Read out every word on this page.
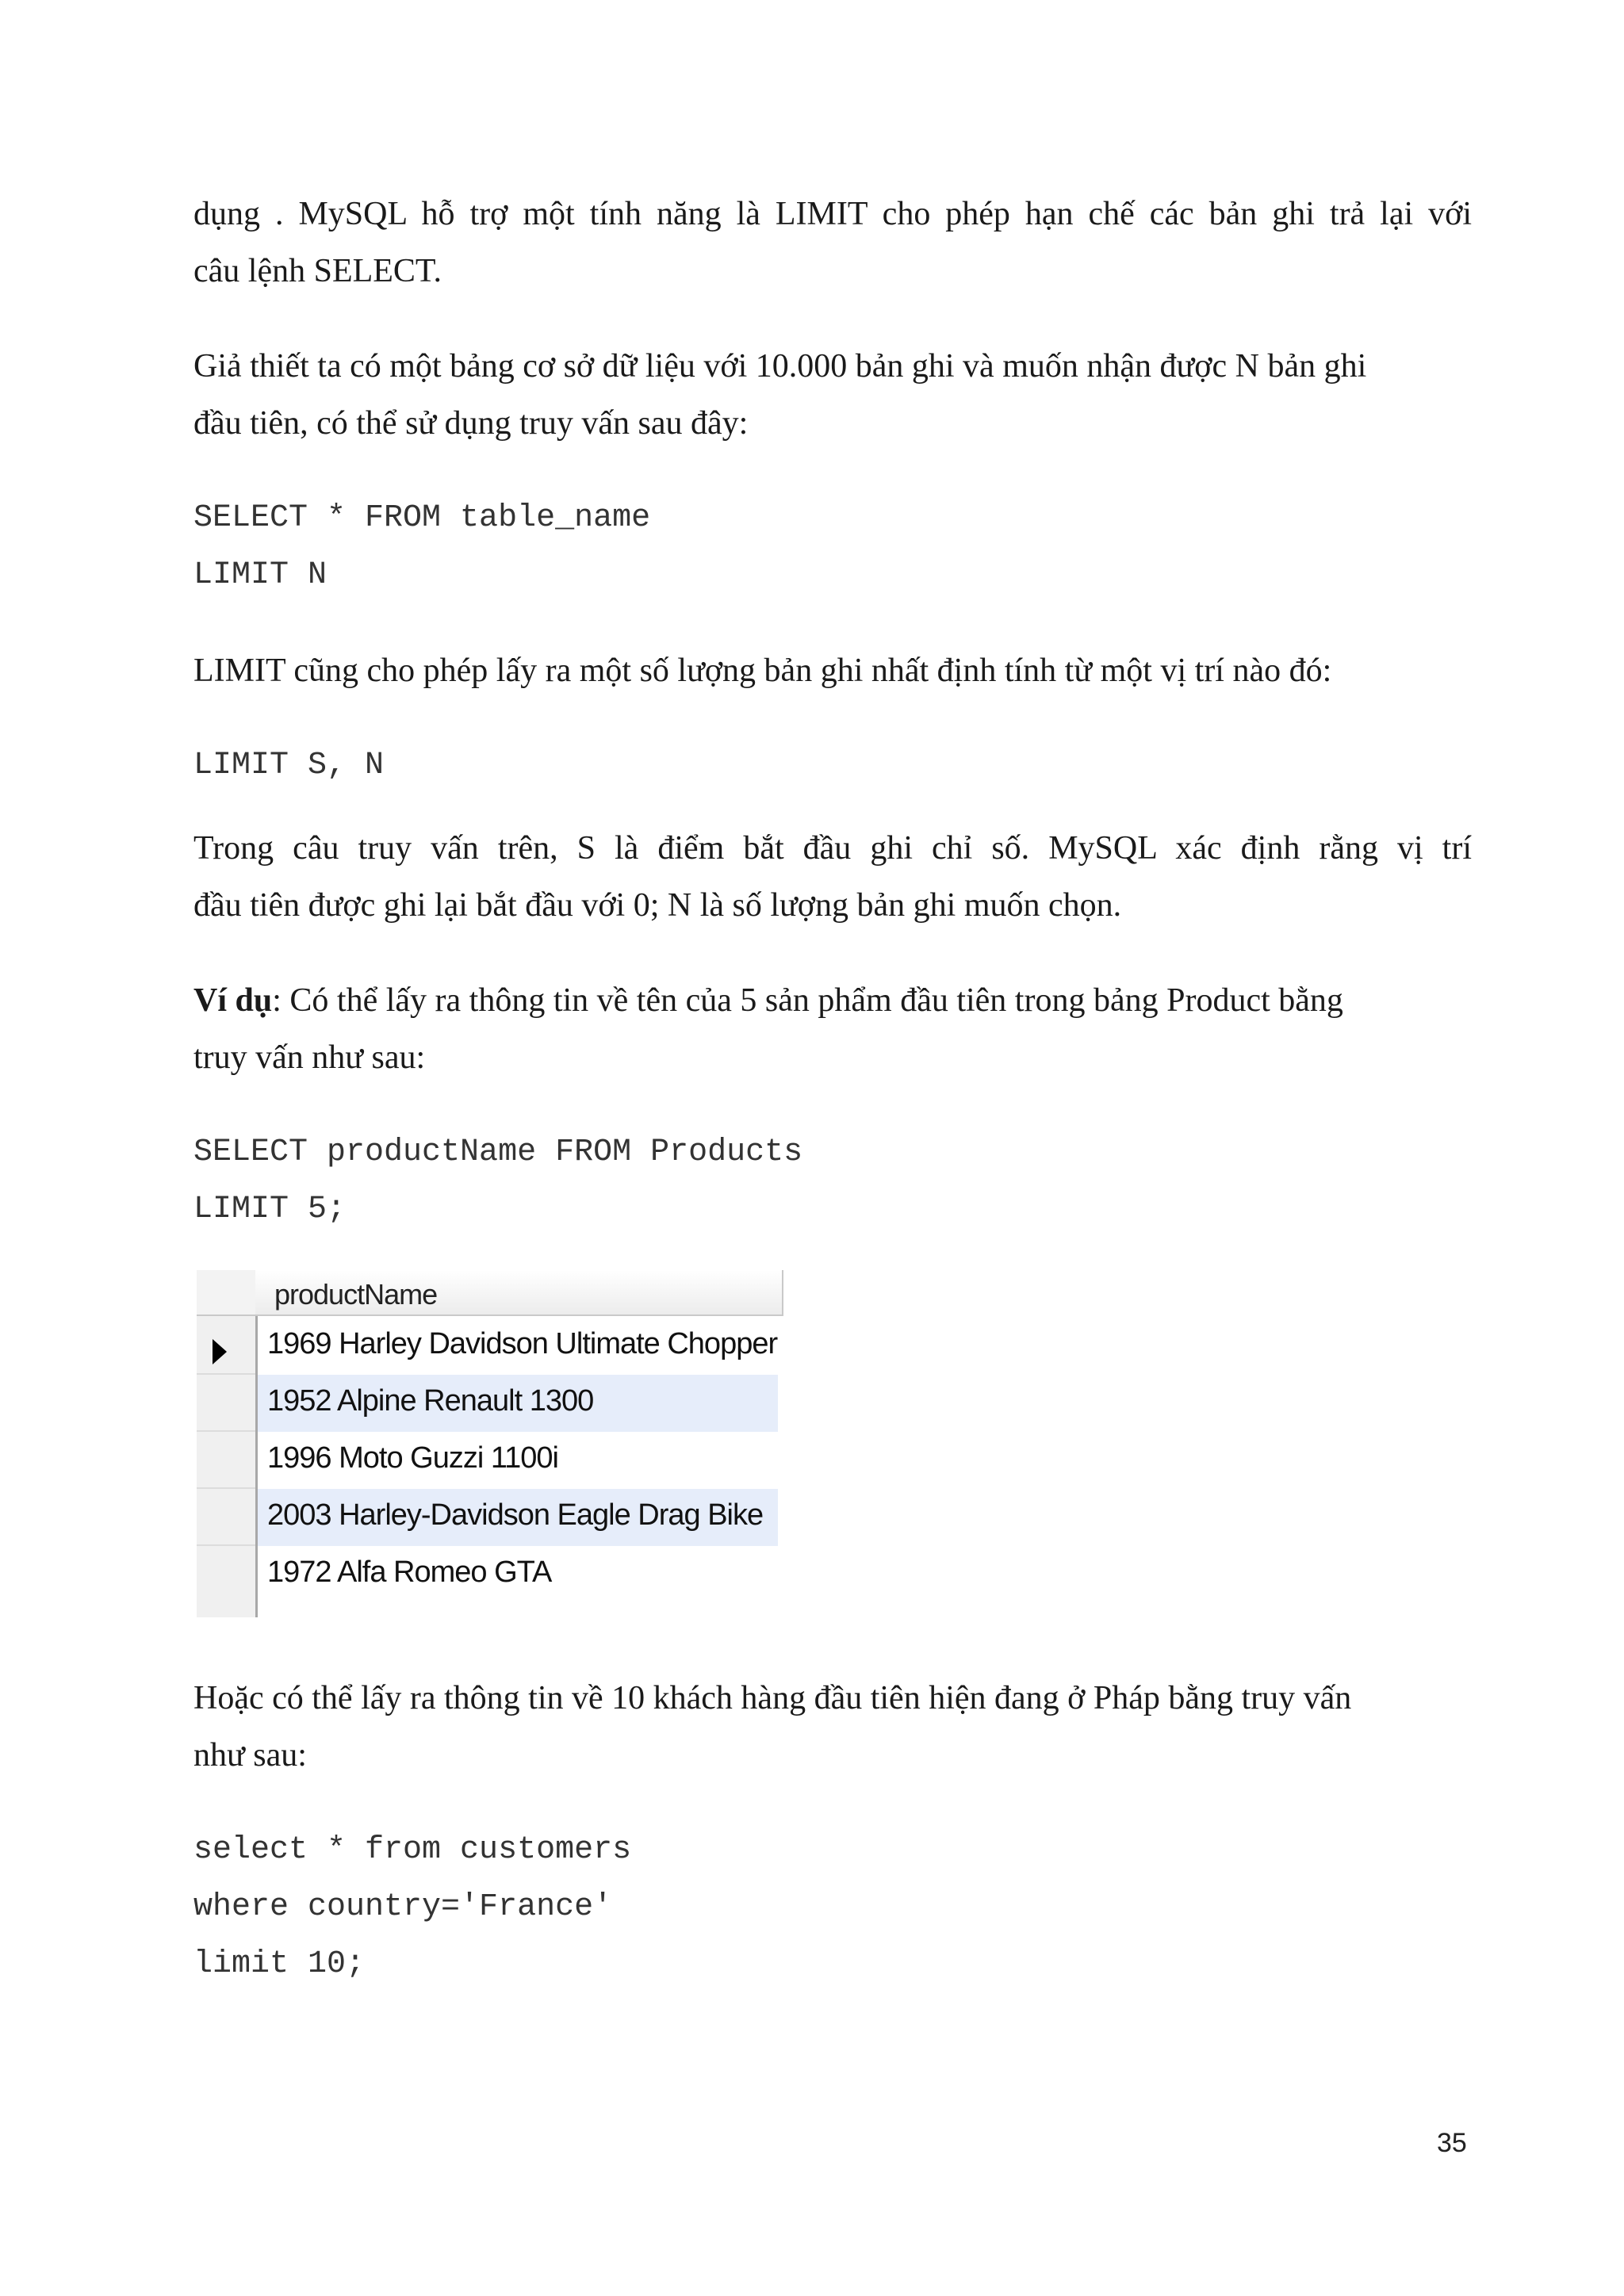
dụng . MySQL hỗ trợ một tính năng là LIMIT cho phép hạn chế các bản ghi trả lại với

câu lệnh SELECT.

Giả thiết ta có một bảng cơ sở dữ liệu với 10.000 bản ghi và muốn nhận được N bản ghi

đầu tiên, có thể sử dụng truy vấn sau đây:

SELECT * FROM table_name

LIMIT N

LIMIT cũng cho phép lấy ra một số lượng bản ghi nhất định tính từ một vị trí nào đó:

LIMIT S, N

Trong câu truy vấn trên, S là điểm bắt đầu ghi chỉ số. MySQL xác định rằng vị trí

đầu tiên được ghi lại bắt đầu với 0; N là số lượng bản ghi muốn chọn.

Ví dụ: Có thể lấy ra thông tin về tên của 5 sản phẩm đầu tiên trong bảng Product bằng

truy vấn như sau:

SELECT productName FROM Products

LIMIT 5;

productName
1969 Harley Davidson Ultimate Chopper
1952 Alpine Renault 1300
1996 Moto Guzzi 1100i
2003 Harley-Davidson Eagle Drag Bike
1972 Alfa Romeo GTA

Hoặc có thể lấy ra thông tin về 10 khách hàng đầu tiên hiện đang ở Pháp bằng truy vấn

như sau:

select * from customers

where country='France'

limit 10;

35
